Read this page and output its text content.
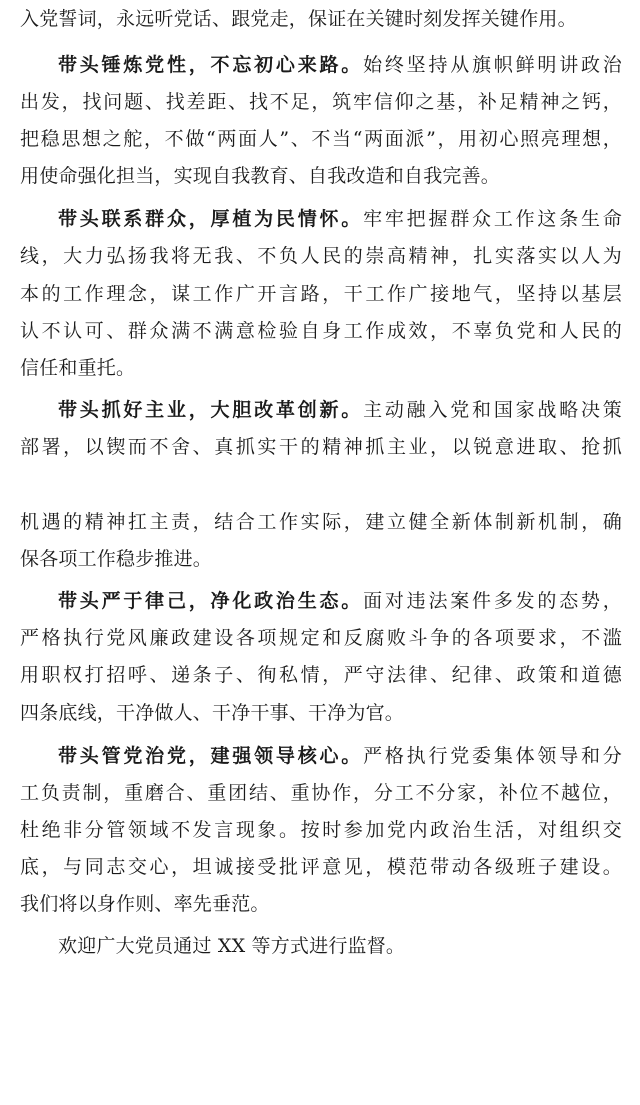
入党誓词，永远听党话、跟党走，保证在关键时刻发挥关键作用。
带头锤炼党性，不忘初心来路。始终坚持从旗帜鲜明讲政治
出发，找问题、找差距、找不足，筑牢信仰之基，补足精神之钙，
把稳思想之舵，不做“两面人”、不当“两面派”，用初心照亮理想，
用使命强化担当，实现自我教育、自我改造和自我完善。
带头联系群众，厚植为民情怀。牢牢把握群众工作这条生命
线，大力弘扬我将无我、不负人民的崇高精神，扎实落实以人为
本的工作理念，谋工作广开言路，干工作广接地气，坚持以基层
认不认可、群众满不满意检验自身工作成效，不辜负党和人民的
信任和重托。
带头抓好主业，大胆改革创新。主动融入党和国家战略决策
部署，以锲而不舍、真抓实干的精神抓主业，以锐意进取、抢抓
机遇的精神扛主责，结合工作实际，建立健全新体制新机制，确
保各项工作稳步推进。
带头严于律己，净化政治生态。面对违法案件多发的态势，
严格执行党风廉政建设各项规定和反腐败斗争的各项要求，不滥
用职权打招呼、递条子、徇私情，严守法律、纪律、政策和道德
四条底线，干净做人、干净干事、干净为官。
带头管党治党，建强领导核心。严格执行党委集体领导和分
工负责制，重磨合、重团结、重协作，分工不分家，补位不越位，
杜绝非分管领域不发言现象。按时参加党内政治生活，对组织交
底，与同志交心，坦诚接受批评意见，模范带动各级班子建设。
我们将以身作则、率先垂范。
欢迎广大党员通过 XX 等方式进行监督。
